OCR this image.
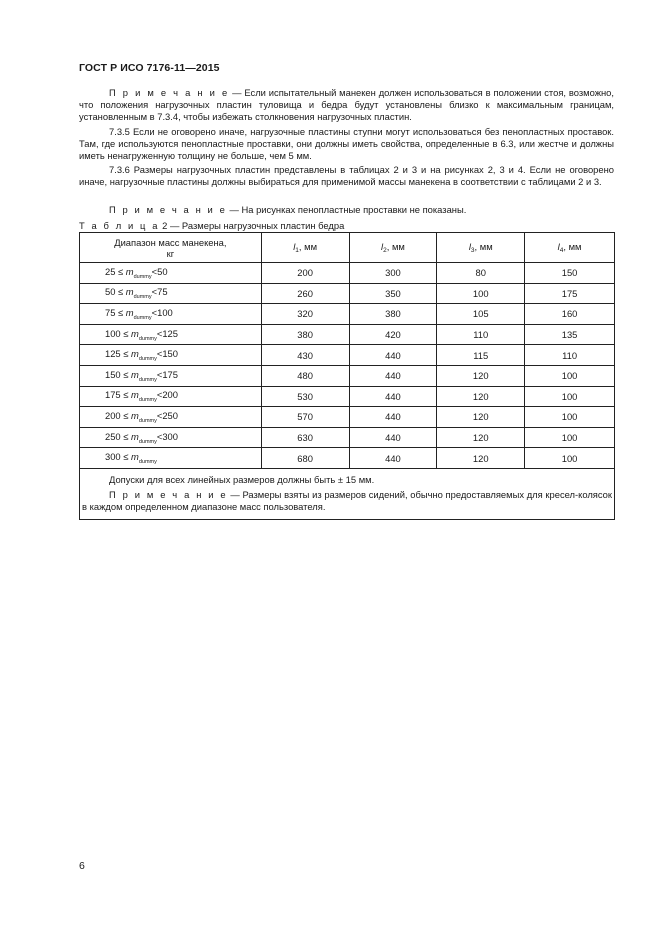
ГОСТ Р ИСО 7176-11—2015
П р и м е ч а н и е — Если испытательный манекен должен использоваться в положении стоя, возможно, что положения нагрузочных пластин туловища и бедра будут установлены близко к максимальным границам, установленным в 7.3.4, чтобы избежать столкновения нагрузочных пластин.
7.3.5 Если не оговорено иначе, нагрузочные пластины ступни могут использоваться без пенопластных проставок. Там, где используются пенопластные проставки, они должны иметь свойства, определенные в 6.3, или жестче и должны иметь ненагруженную толщину не больше, чем 5 мм.
7.3.6 Размеры нагрузочных пластин представлены в таблицах 2 и 3 и на рисунках 2, 3 и 4. Если не оговорено иначе, нагрузочные пластины должны выбираться для применимой массы манекена в соответствии с таблицами 2 и 3.
П р и м е ч а н и е — На рисунках пенопластные проставки не показаны.
Т а б л и ц а 2 — Размеры нагрузочных пластин бедра
Диапазон масс манекена,
кг	$l_1$, мм	$l_2$, мм	$l_3$, мм	$l_4$, мм
$25 \le m_{dummy}<50$	200	300	80	150
$50 \le m_{dummy}<75$	260	350	100	175
$75 \le m_{dummy}<100$	320	380	105	160
$100 \le m_{dummy}<125$	380	420	110	135
$125 \le m_{dummy}<150$	430	440	115	110
$150 \le m_{dummy}<175$	480	440	120	100
$175 \le m_{dummy}<200$	530	440	120	100
$200 \le m_{dummy}<250$	570	440	120	100
$250 \le m_{dummy}<300$	630	440	120	100
$300 \le m_{dummy}$	680	440	120	100

Допуски для всех линейных размеров должны быть ± 15 мм.
П р и м е ч а н и е — Размеры взяты из размеров сидений, обычно предоставляемых для кресел-колясок в каждом определенном диапазоне масс пользователя.				
6
